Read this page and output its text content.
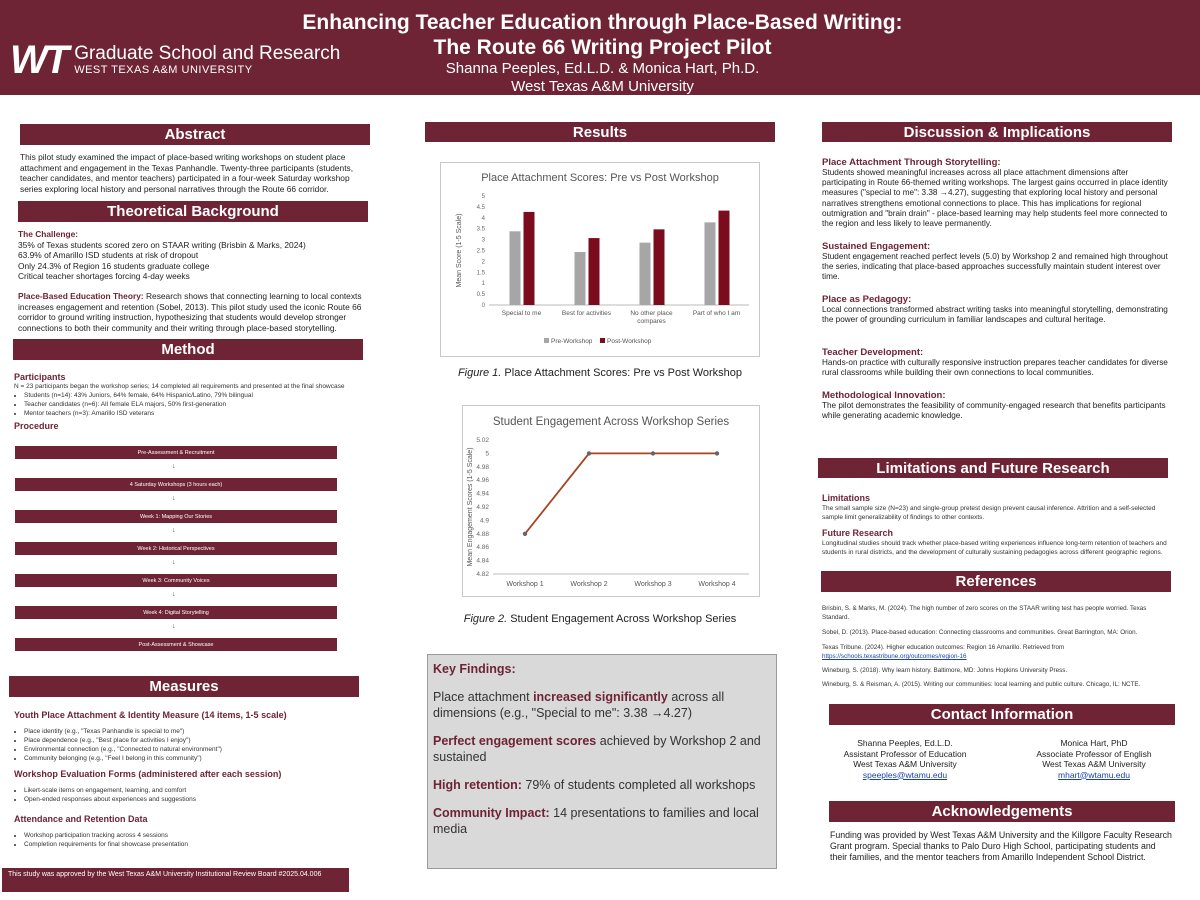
WT Graduate School and Research
WEST TEXAS A&M UNIVERSITY
Enhancing Teacher Education through Place-Based Writing:
The Route 66 Writing Project Pilot
Shanna Peeples, Ed.L.D. & Monica Hart, Ph.D.
West Texas A&M University
Abstract
This pilot study examined the impact of place-based writing workshops on student place attachment and engagement in the Texas Panhandle. Twenty-three participants (students, teacher candidates, and mentor teachers) participated in a four-week Saturday workshop series exploring local history and personal narratives through the Route 66 corridor.
Theoretical Background
The Challenge:
35% of Texas students scored zero on STAAR writing (Brisbin & Marks, 2024)
63.9% of Amarillo ISD students at risk of dropout
Only 24.3% of Region 16 students graduate college
Critical teacher shortages forcing 4-day weeks
Place-Based Education Theory: Research shows that connecting learning to local contexts increases engagement and retention (Sobel, 2013). This pilot study used the iconic Route 66 corridor to ground writing instruction, hypothesizing that students would develop stronger connections to both their community and their writing through place-based storytelling.
Method
Participants
N = 23 participants began the workshop series; 14 completed all requirements and presented at the final showcase
• Students (n=14): 43% Juniors, 64% female, 64% Hispanic/Latino, 79% bilingual
• Teacher candidates (n=6): All female ELA majors, 50% first-generation
• Mentor teachers (n=3): Amarillo ISD veterans
Procedure
Pre-Assessment & Recruitment
↓
4 Saturday Workshops (3 hours each)
↓
Week 1: Mapping Our Stories
↓
Week 2: Historical Perspectives
↓
Week 3: Community Voices
↓
Week 4: Digital Storytelling
↓
Post-Assessment & Showcase
Measures
Youth Place Attachment & Identity Measure (14 items, 1-5 scale)
• Place identity (e.g., "Texas Panhandle is special to me")
• Place dependence (e.g., "Best place for activities I enjoy")
• Environmental connection (e.g., "Connected to natural environment")
• Community belonging (e.g., "Feel I belong in this community")
Workshop Evaluation Forms (administered after each session)
• Likert-scale items on engagement, learning, and comfort
• Open-ended responses about experiences and suggestions
Attendance and Retention Data
• Workshop participation tracking across 4 sessions
• Completion requirements for final showcase presentation
This study was approved by the West Texas A&M University Institutional Review Board #2025.04.006
Results
Place Attachment Scores: Pre vs Post Workshop
0
0.5
1
1.5
2
2.5
3
3.5
4
4.5
5
Special to me	Best for activities	No other place
compares
Part of who I am
Mean Score (1-5 Scale)
Pre-Workshop Post-Workshop
Figure 1. Place Attachment Scores: Pre vs Post Workshop
Student Engagement Across Workshop Series
4.82
4.84
4.86
4.88
4.9
4.92
4.94
4.96
4.98
5
5.02
Workshop 1	Workshop 2	Workshop 3	Workshop 4
Mean Engagement Scores (1-5 Scale)
Figure 2. Student Engagement Across Workshop Series
Key Findings:

Place attachment increased significantly across all dimensions (e.g., "Special to me": 3.38 →4.27)

Perfect engagement scores achieved by Workshop 2 and sustained

High retention: 79% of students completed all workshops

Community Impact: 14 presentations to families and local media

Discussion & Implications
Place Attachment Through Storytelling:
Students showed meaningful increases across all place attachment dimensions after participating in Route 66-themed writing workshops. The largest gains occurred in place identity measures ("special to me": 3.38 →4.27), suggesting that exploring local history and personal narratives strengthens emotional connections to place. This has implications for regional outmigration and "brain drain" - place-based learning may help students feel more connected to the region and less likely to leave permanently.
Sustained Engagement:
Student engagement reached perfect levels (5.0) by Workshop 2 and remained high throughout the series, indicating that place-based approaches successfully maintain student interest over time.
Place as Pedagogy:
Local connections transformed abstract writing tasks into meaningful storytelling, demonstrating the power of grounding curriculum in familiar landscapes and cultural heritage.
Teacher Development:
Hands-on practice with culturally responsive instruction prepares teacher candidates for diverse rural classrooms while building their own connections to local communities.
Methodological Innovation:
The pilot demonstrates the feasibility of community-engaged research that benefits participants while generating academic knowledge.
Limitations and Future Research
Limitations
The small sample size (N=23) and single-group pretest design prevent causal inference. Attrition and a self-selected sample limit generalizability of findings to other contexts.
Future Research
Longitudinal studies should track whether place-based writing experiences influence long-term retention of teachers and students in rural districts, and the development of culturally sustaining pedagogies across different geographic regions.
References
Brisbin, S. & Marks, M. (2024). The high number of zero scores on the STAAR writing test has people worried. Texas Standard.
Sobel, D. (2013). Place-based education: Connecting classrooms and communities. Great Barrington, MA: Orion.
Texas Tribune. (2024). Higher education outcomes: Region 16 Amarillo. Retrieved from
https://schools.texastribune.org/outcomes/region-16
Wineburg, S. (2018). Why learn history. Baltimore, MD: Johns Hopkins University Press.
Wineburg, S. & Reisman, A. (2015). Writing our communities: local learning and public culture. Chicago, IL: NCTE.
Contact Information
Shanna Peeples, Ed.L.D.
Assistant Professor of Education
West Texas A&M University
speeples@wtamu.edu
Monica Hart, PhD
Associate Professor of English
West Texas A&M University
mhart@wtamu.edu
Acknowledgements
Funding was provided by West Texas A&M University and the Killgore Faculty Research Grant program. Special thanks to Palo Duro High School, participating students and their families, and the mentor teachers from Amarillo Independent School District.
